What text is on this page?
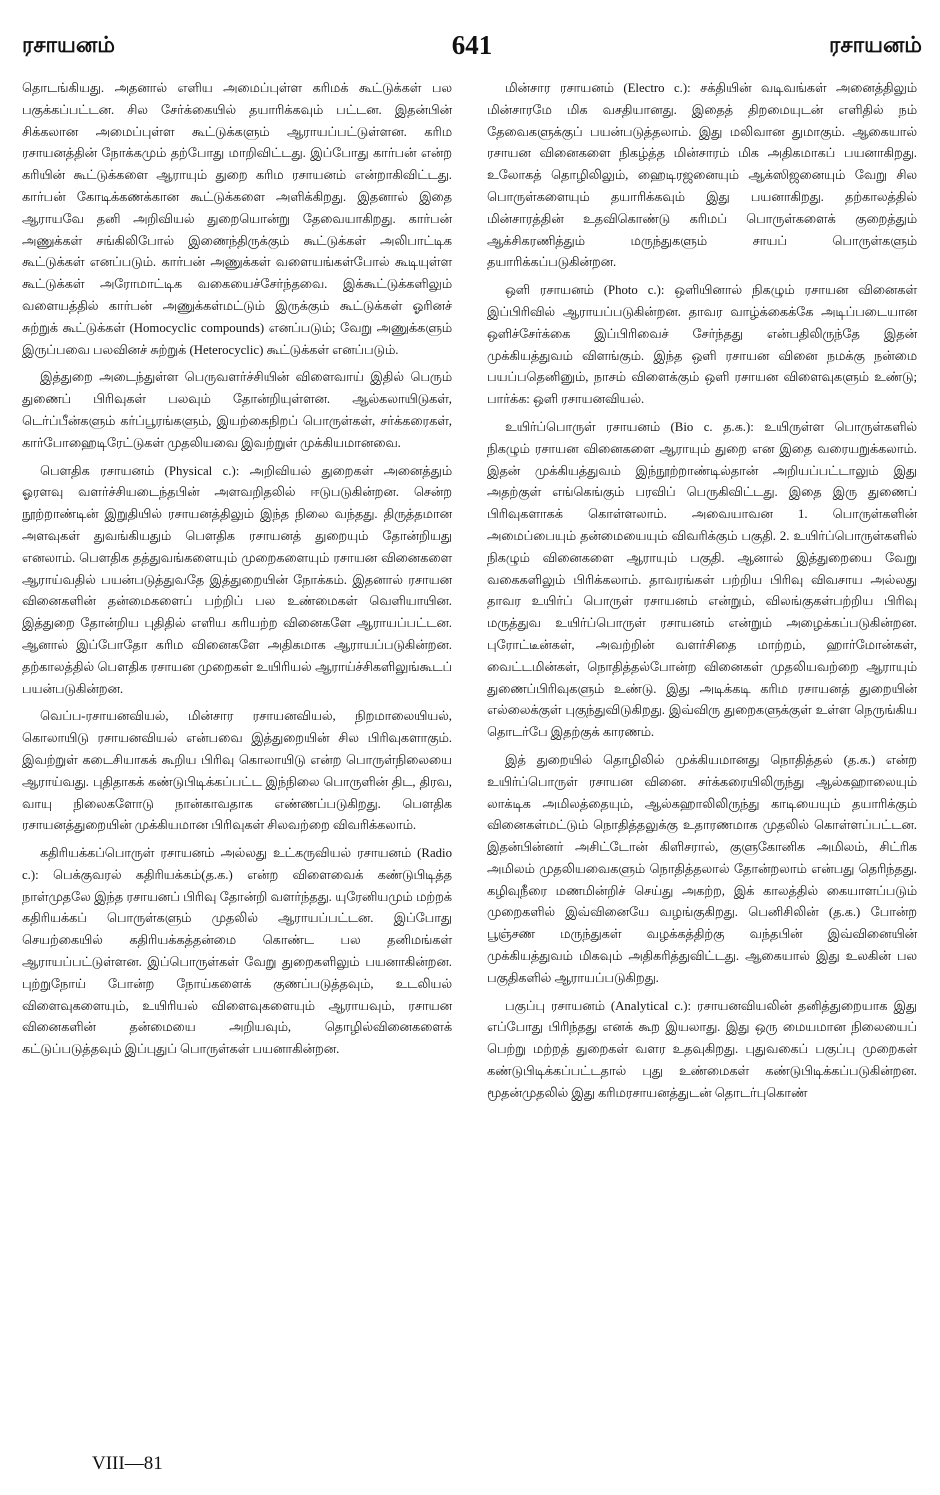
ரசாயனம்	641	ரசாயனம்

தொடங்கியது. அதனால் எளிய அமைப்புள்ள கரிமக் கூட்டுக்கள் பல பகுக்கப்பட்டன. சில சேர்க்கையில் தயாரிக்கவும் பட்டன. இதன்பின் சிக்கலான அமைப்புள்ள கூட்டுக்களும் ஆராயப்பட்டுள்ளன. கரிம ரசாயனத்தின் நோக்கமும் தற்போது மாறிவிட்டது. இப்போது கார்பன் என்ற கரியின் கூட்டுக்களை ஆராயும் துறை கரிம ரசாயனம் என்றாகிவிட்டது. கார்பன் கோடிக்கணக்கான கூட்டுக்களை அளிக்கிறது. இதனால் இதை ஆராயவே தனி அறிவியல் துறையொன்று தேவையாகிறது. கார்பன் அணுக்கள் சங்கிலிபோல் இணைந்திருக்கும் கூட்டுக்கள் அலிபாட்டிக கூட்டுக்கள் எனப்படும். கார்பன் அணுக்கள் வளையங்கள்போல் கூடியுள்ள கூட்டுக்கள் அரோமாட்டிக வகையைச்சேர்ந்தவை. இக்கூட்டுக்களிலும் வளையத்தில் கார்பன் அணுக்கள்மட்டும் இருக்கும் கூட்டுக்கள் ஓரினச் சுற்றுக் கூட்டுக்கள் (Homocyclic compounds) எனப்படும்; வேறு அணுக்களும் இருப்பவை பலவினச் சுற்றுக் (Heterocyclic) கூட்டுக்கள் எனப்படும்.

இத்துறை அடைந்துள்ள பெருவளர்ச்சியின் விளைவாய் இதில் பெரும் துணைப் பிரிவுகள் பலவும் தோன்றியுள்ளன. ஆல்கலாயிடுகள், டெர்ப்பீன்களும் கர்ப்பூரங்களும், இயற்கைநிறப் பொருள்கள், சர்க்கரைகள், கார்போஹைடிரேட்டுகள் முதலியவை இவற்றுள் முக்கியமானவை.

பௌதிக ரசாயனம் (Physical c.): அறிவியல் துறைகள் அனைத்தும் ஓரளவு வளர்ச்சியடைந்தபின் அளவறிதலில் ஈடுபடுகின்றன. சென்ற நூற்றாண்டின் இறுதியில் ரசாயனத்திலும் இந்த நிலை வந்தது. திருத்தமான அளவுகள் துவங்கியதும் பௌதிக ரசாயனத் துறையும் தோன்றியது எனலாம். பௌதிக தத்துவங்களையும் முறைகளையும் ரசாயன வினைகளை ஆராய்வதில் பயன்படுத்துவதே இத்துறையின் நோக்கம். இதனால் ரசாயன வினைகளின் தன்மைகளைப் பற்றிப் பல உண்மைகள் வெளியாயின. இத்துறை தோன்றிய புதிதில் எளிய கரியற்ற வினைகளே ஆராயப்பட்டன. ஆனால் இப்போதோ கரிம வினைகளே அதிகமாக ஆராயப்படுகின்றன. தற்காலத்தில் பௌதிக ரசாயன முறைகள் உயிரியல் ஆராய்ச்சிகளிலுங்கூடப் பயன்படுகின்றன.

வெப்ப-ரசாயனவியல், மின்சார ரசாயனவியல், நிறமாலையியல், கொலாயிடு ரசாயனவியல் என்பவை இத்துறையின் சில பிரிவுகளாகும். இவற்றுள் கடைசியாகக் கூறிய பிரிவு கொலாயிடு என்ற பொருள்நிலையை ஆராய்வது. புதிதாகக் கண்டுபிடிக்கப்பட்ட இந்நிலை பொருளின் திட, திரவ, வாயு நிலைகளோடு நான்காவதாக எண்ணப்படுகிறது. பௌதிக ரசாயனத்துறையின் முக்கியமான பிரிவுகள் சிலவற்றை விவரிக்கலாம்.

கதிரியக்கப்பொருள் ரசாயனம் அல்லது உட்கருவியல் ரசாயனம் (Radio c.): பெக்குவரல் கதிரியக்கம்(த.க.) என்ற விளைவைக் கண்டுபிடித்த நாள்முதலே இந்த ரசாயனப் பிரிவு தோன்றி வளர்ந்தது. யுரேனியமும் மற்றக் கதிரியக்கப் பொருள்களும் முதலில் ஆராயப்பட்டன. இப்போது செயற்கையில் கதிரியக்கத்தன்மை கொண்ட பல தனிமங்கள் ஆராயப்பட்டுள்ளன. இப்பொருள்கள் வேறு துறைகளிலும் பயனாகின்றன. புற்றுநோய் போன்ற நோய்களைக் குணப்படுத்தவும், உடலியல் விளைவுகளையும், உயிரியல் விளைவுகளையும் ஆராயவும், ரசாயன வினைகளின் தன்மையை அறியவும், தொழில்வினைகளைக் கட்டுப்படுத்தவும் இப்புதுப் பொருள்கள் பயனாகின்றன.

மின்சார ரசாயனம் (Electro c.): சக்தியின் வடிவங்கள் அனைத்திலும் மின்சாரமே மிக வசதியானது. இதைத் திறமையுடன் எளிதில் நம் தேவைகளுக்குப் பயன்படுத்தலாம். இது மலிவான துமாகும். ஆகையால் ரசாயன வினைகளை நிகழ்த்த மின்சாரம் மிக அதிகமாகப் பயனாகிறது. உலோகத் தொழிலிலும், ஹைடிரஜனையும் ஆக்ஸிஜனையும் வேறு சில பொருள்களையும் தயாரிக்கவும் இது பயனாகிறது. தற்காலத்தில் மின்சாரத்தின் உதவிகொண்டு கரிமப் பொருள்களைக் குறைத்தும் ஆக்சிகரணித்தும் மருந்துகளும் சாயப் பொருள்களும் தயாரிக்கப்படுகின்றன.

ஒளி ரசாயனம் (Photo c.): ஒளியினால் நிகழும் ரசாயன வினைகள் இப்பிரிவில் ஆராயப்படுகின்றன. தாவர வாழ்க்கைக்கே அடிப்படையான ஒளிச்சேர்க்கை இப்பிரிவைச் சேர்ந்தது என்பதிலிருந்தே இதன் முக்கியத்துவம் விளங்கும். இந்த ஒளி ரசாயன வினை நமக்கு நன்மை பயப்பதெனினும், நாசம் விளைக்கும் ஒளி ரசாயன விளைவுகளும் உண்டு; பார்க்க: ஒளி ரசாயனவியல்.

உயிர்ப்பொருள் ரசாயனம் (Bio c. த.க.): உயிருள்ள பொருள்களில் நிகழும் ரசாயன வினைகளை ஆராயும் துறை என இதை வரையறுக்கலாம். இதன் முக்கியத்துவம் இந்நூற்றாண்டில்தான் அறியப்பட்டாலும் இது அதற்குள் எங்கெங்கும் பரவிப் பெருகிவிட்டது. இதை இரு துணைப் பிரிவுகளாகக் கொள்ளலாம். அவையாவன 1. பொருள்களின் அமைப்பையும் தன்மையையும் விவரிக்கும் பகுதி. 2. உயிர்ப்பொருள்களில் நிகழும் வினைகளை ஆராயும் பகுதி. ஆனால் இத்துறையை வேறு வகைகளிலும் பிரிக்கலாம். தாவரங்கள் பற்றிய பிரிவு விவசாய அல்லது தாவர உயிர்ப் பொருள் ரசாயனம் என்றும், விலங்குகள்பற்றிய பிரிவு மருத்துவ உயிர்ப்பொருள் ரசாயனம் என்றும் அழைக்கப்படுகின்றன. புரோட்டீன்கள், அவற்றின் வளர்சிதை மாற்றம், ஹார்மோன்கள், வைட்டமின்கள், நொதித்தல்போன்ற வினைகள் முதலியவற்றை ஆராயும் துணைப்பிரிவுகளும் உண்டு. இது அடிக்கடி கரிம ரசாயனத் துறையின் எல்லைக்குள் புகுந்துவிடுகிறது. இவ்விரு துறைகளுக்குள் உள்ள நெருங்கிய தொடர்பே இதற்குக் காரணம்.

இத் துறையில் தொழிலில் முக்கியமானது நொதித்தல் (த.க.) என்ற உயிர்ப்பொருள் ரசாயன வினை. சர்க்கரையிலிருந்து ஆல்கஹாலையும் லாக்டிக அமிலத்தையும், ஆல்கஹாலிலிருந்து காடியையும் தயாரிக்கும் வினைகள்மட்டும் நொதித்தலுக்கு உதாரணமாக முதலில் கொள்ளப்பட்டன. இதன்பின்னர் அசிட்டோன் கிளிசரால், குளுகோனிக அமிலம், சிட்ரிக அமிலம் முதலியவைகளும் நொதித்தலால் தோன்றலாம் என்பது தெரிந்தது. கழிவுநீரை மணமின்றிச் செய்து அகற்ற, இக் காலத்தில் கையாளப்படும் முறைகளில் இவ்வினையே வழங்குகிறது. பெனிசிலின் (த.க.) போன்ற பூஞ்சண மருந்துகள் வழக்கத்திற்கு வந்தபின் இவ்வினையின் முக்கியத்துவம் மிகவும் அதிகரித்துவிட்டது. ஆகையால் இது உலகின் பல பகுதிகளில் ஆராயப்படுகிறது.

பகுப்பு ரசாயனம் (Analytical c.): ரசாயனவியலின் தனித்துறையாக இது எப்போது பிரிந்தது எனக் கூற இயலாது. இது ஒரு மையமான நிலையைப் பெற்று மற்றத் துறைகள் வளர உதவுகிறது. புதுவகைப் பகுப்பு முறைகள் கண்டுபிடிக்கப்பட்டதால் புது உண்மைகள் கண்டுபிடிக்கப்படுகின்றன. மூதன்முதலில் இது கரிமரசாயனத்துடன் தொடர்புகொண்

VIII—81
